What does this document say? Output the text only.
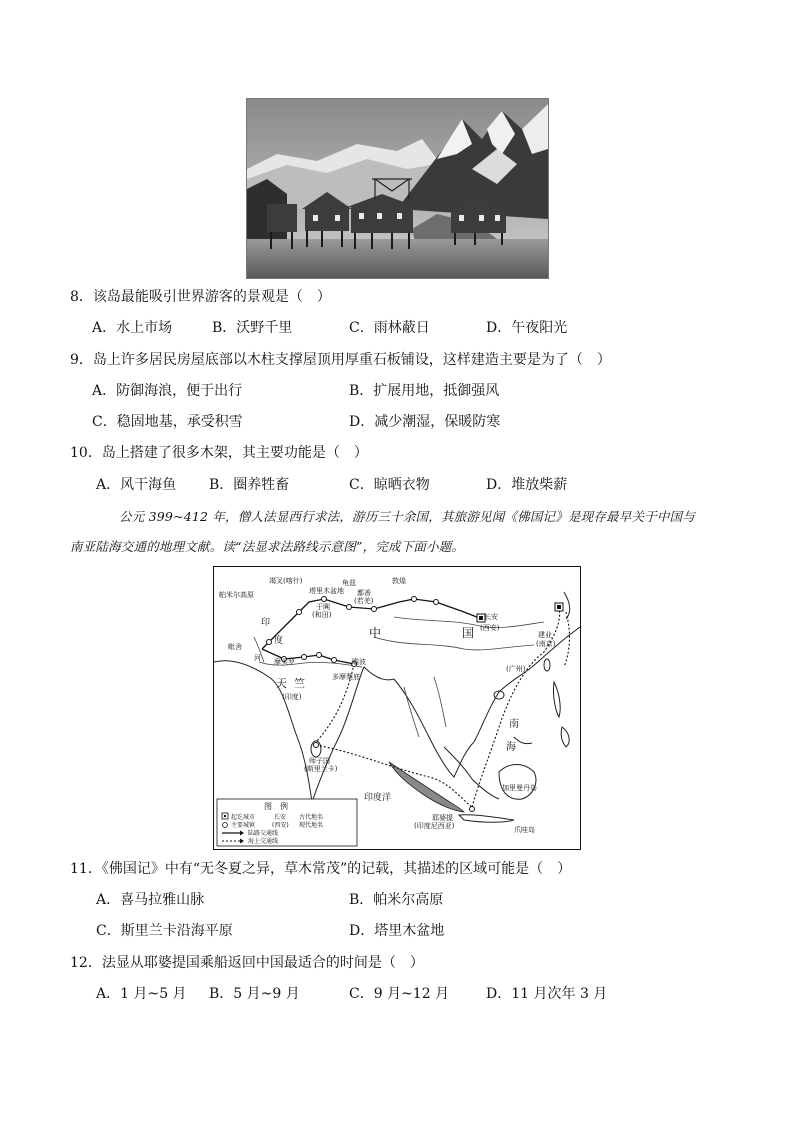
8．该岛最能吸引世界游客的景观是（　）
A．水上市场	B．沃野千里	C．雨林蔽日	D．午夜阳光
9．岛上许多居民房屋底部以木柱支撑屋顶用厚重石板铺设，这样建造主要是为了（　）
A．防御海浪，便于出行	B．扩展用地，抵御强风
C．稳固地基，承受积雪	D．减少潮湿，保暖防寒
10．岛上搭建了很多木架，其主要功能是（　）
A．风干海鱼 B．圈养牲畜	C．晾晒衣物	D．堆放柴薪
公元 399~412 年，僧人法显西行求法，游历三十余国，其旅游见闻《佛国记》是现存最早关于中国与
南亚陆海交通的地理文献。读“法显求法路线示意图”，完成下面小题。
竭叉(喀什)
帕米尔高原
龟兹
塔里木盆地
于阗
(和田)
鄯善
(若羌)
敦煌
长安
(西安)
中	国	建业
(南京)
(广州)
印
度
毗舍
河 摩头罗	瞻波
多摩梨底
天 竺
(印度)
南
海
师子国
(斯里兰卡)
印度洋
加里曼丹岛
耶婆提
(印度尼西亚)	爪哇岛
图　例
起讫城市	长安 古代地名
主要城镇	(西安) 现代地名
陆路交通线
海上交通线
11．《佛国记》中有“无冬夏之异，草木常茂”的记载，其描述的区域可能是（　）
A．喜马拉雅山脉	B．帕米尔高原
C．斯里兰卡沿海平原	D．塔里木盆地
12．法显从耶婆提国乘船返回中国最适合的时间是（　）
A．1 月~5 月 B．5 月~9 月	C．9 月~12 月	D．11 月次年 3 月
